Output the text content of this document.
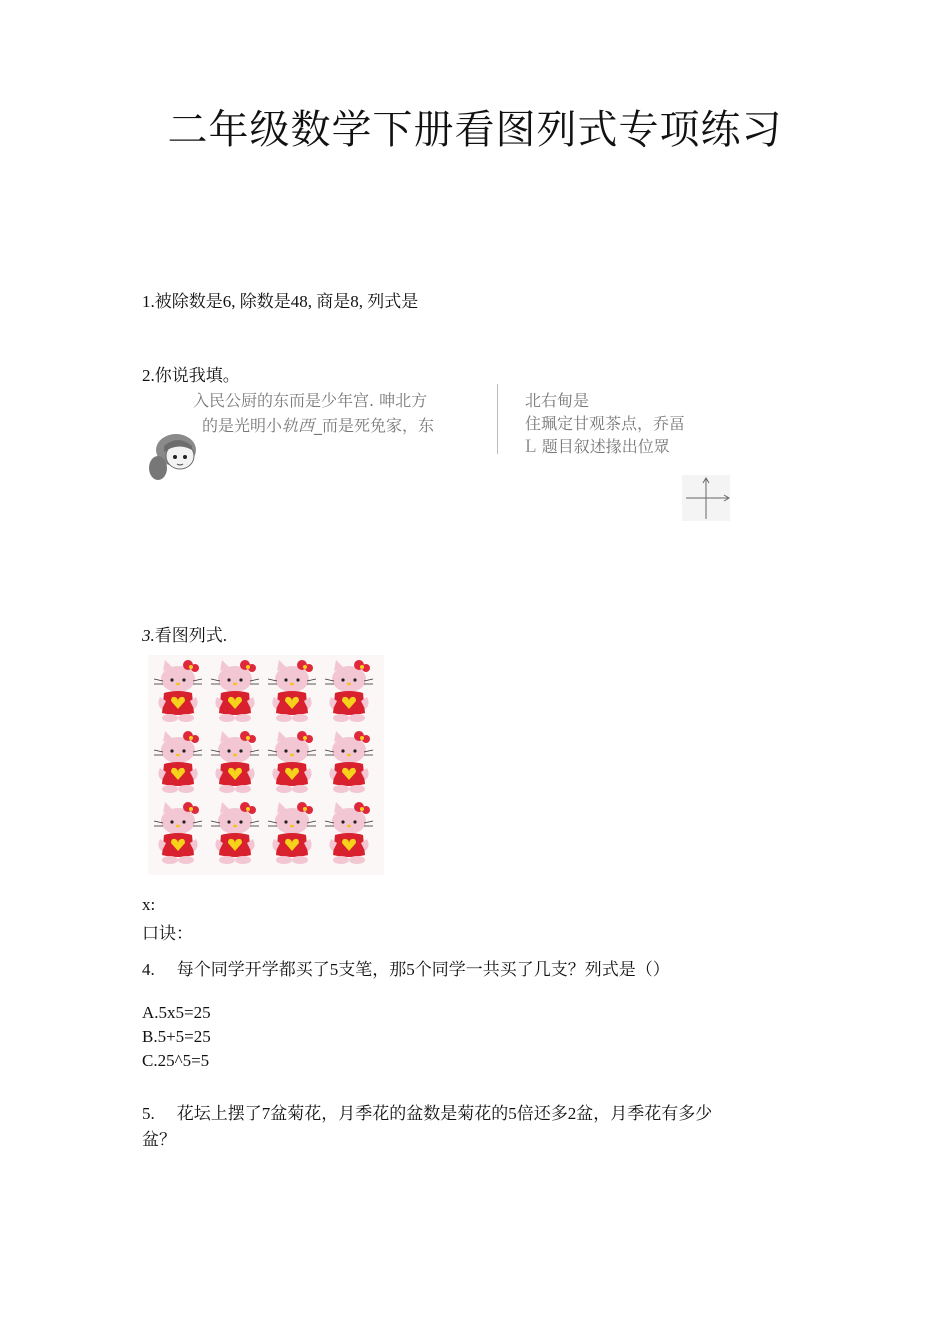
二年级数学下册看图列式专项练习
1.被除数是6, 除数是48, 商是8, 列式是
2.你说我填。
入民公厨的东而是少年宫. 呻北方
的是光明小轨西_而是死免家，东
北右甸是
住珮定甘观茶点，乔畐
L 题目叙述掾出位眾
3.看图列式.
x:
口诀：
4. 每个同学开学都买了5支笔，那5个同学一共买了几支？列式是（）
A.5x5=25
B.5+5=25
C.25^5=5
5. 花坛上摆了7盆菊花，月季花的盆数是菊花的5倍还多2盆，月季花有多少
盆？
